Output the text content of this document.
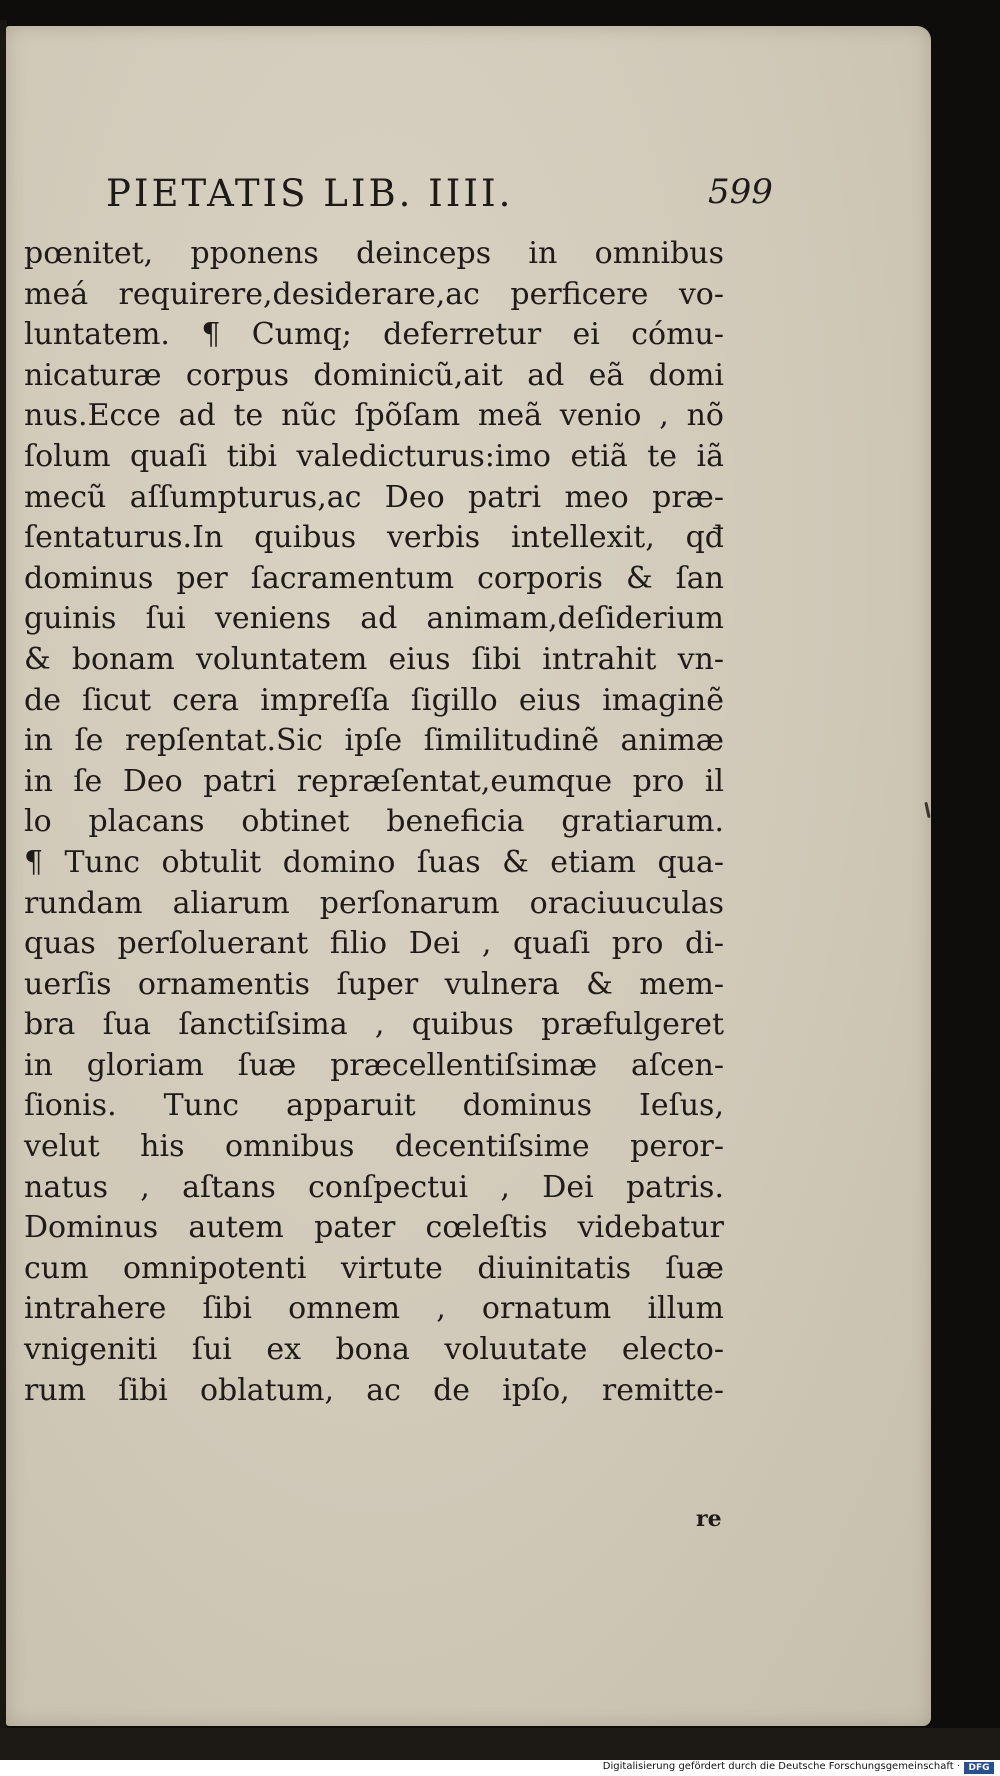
PIETATIS LIB. IIII.	599
pœnitet, pponens deinceps in omnibus
meá requirere,desiderare,ac perficere vo-
luntatem. ¶ Cumq; deferretur ei cómu-
nicaturæ corpus dominicũ,ait ad eã domi
nus.Ecce ad te nũc ſpõſam meã venio , nõ
ſolum quaſi tibi valedicturus:imo etiã te iã
mecũ aſſumpturus,ac Deo patri meo præ-
ſentaturus.In quibus verbis intellexit, qđ
dominus per ſacramentum corporis & ſan
guinis ſui veniens ad animam,deſiderium
& bonam voluntatem eius ſibi intrahit vn-
de ſicut cera impreſſa ſigillo eius imaginẽ
in ſe repſentat.Sic ipſe ſimilitudinẽ animæ
in ſe Deo patri repræſentat,eumque pro il
lo placans obtinet beneficia gratiarum.
¶ Tunc obtulit domino ſuas & etiam qua-
rundam aliarum perſonarum oraciuuculas
quas perſoluerant filio Dei , quaſi pro di-
uerſis ornamentis ſuper vulnera & mem-
bra ſua ſanctiſsima , quibus præfulgeret
in gloriam ſuæ præcellentiſsimæ aſcen-
ſionis. Tunc apparuit dominus Ieſus,
velut his omnibus decentiſsime peror-
natus , aſtans conſpectui , Dei patris.
Dominus autem pater cœleſtis videbatur
cum omnipotenti virtute diuinitatis ſuæ
intrahere ſibi omnem , ornatum illum
vnigeniti ſui ex bona voluutate electo-
rum ſibi oblatum, ac de ipſo, remitte-
re
Digitalisierung gefördert durch die Deutsche Forschungsgemeinschaft · DFG
